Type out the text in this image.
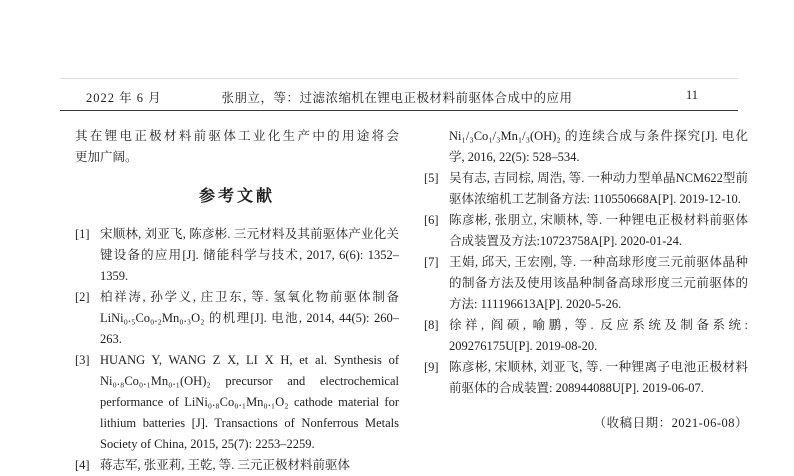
张朋立，等：过滤浓缩机在锂电正极材料前驱体合成中的应用
2022 年 6 月	11
其在锂电正极材料前驱体工业化生产中的用途将会
更加广阔。
参考文献
[1] 宋顺林, 刘亚飞, 陈彦彬. 三元材料及其前驱体产业化关键设备的应用[J]. 储能科学与技术, 2017, 6(6): 1352–1359.
[2] 柏祥涛, 孙学义, 庄卫东, 等. 氢氧化物前驱体制备 LiNi₀.₅Co₀.₂Mn₀.₃O₂ 的机理[J]. 电池, 2014, 44(5): 260–263.
[3] HUANG Y, WANG Z X, LI X H, et al. Synthesis of Ni₀.₈Co₀.₁Mn₀.₁(OH)₂ precursor and electrochemical performance of LiNi₀.₈Co₀.₁Mn₀.₁O₂ cathode material for lithium batteries [J]. Transactions of Nonferrous Metals Society of China, 2015, 25(7): 2253–2259.
[4] 蒋志军, 张亚莉, 王乾, 等. 三元正极材料前驱体
Ni₁/₃Co₁/₃Mn₁/₃(OH)₂ 的连续合成与条件探究[J]. 电化学, 2016, 22(5): 528–534.
[5] 吴有志, 吉同棕, 周浩, 等. 一种动力型单晶NCM622型前驱体浓缩机工艺制备方法: 110550668A[P]. 2019-12-10.
[6] 陈彦彬, 张朋立, 宋顺林, 等. 一种锂电正极材料前驱体合成装置及方法:10723758A[P]. 2020-01-24.
[7] 王娟, 邱天, 王宏刚, 等. 一种高球形度三元前驱体晶种的制备方法及使用该晶种制备高球形度三元前驱体的方法: 111196613A[P]. 2020-5-26.
[8] 徐祥, 阎硕, 喻鹏, 等. 反应系统及制备系统: 209276175U[P]. 2019-08-20.
[9] 陈彦彬, 宋顺林, 刘亚飞, 等. 一种锂离子电池正极材料前驱体的合成装置: 208944088U[P]. 2019-06-07.
（收稿日期：2021-06-08）
